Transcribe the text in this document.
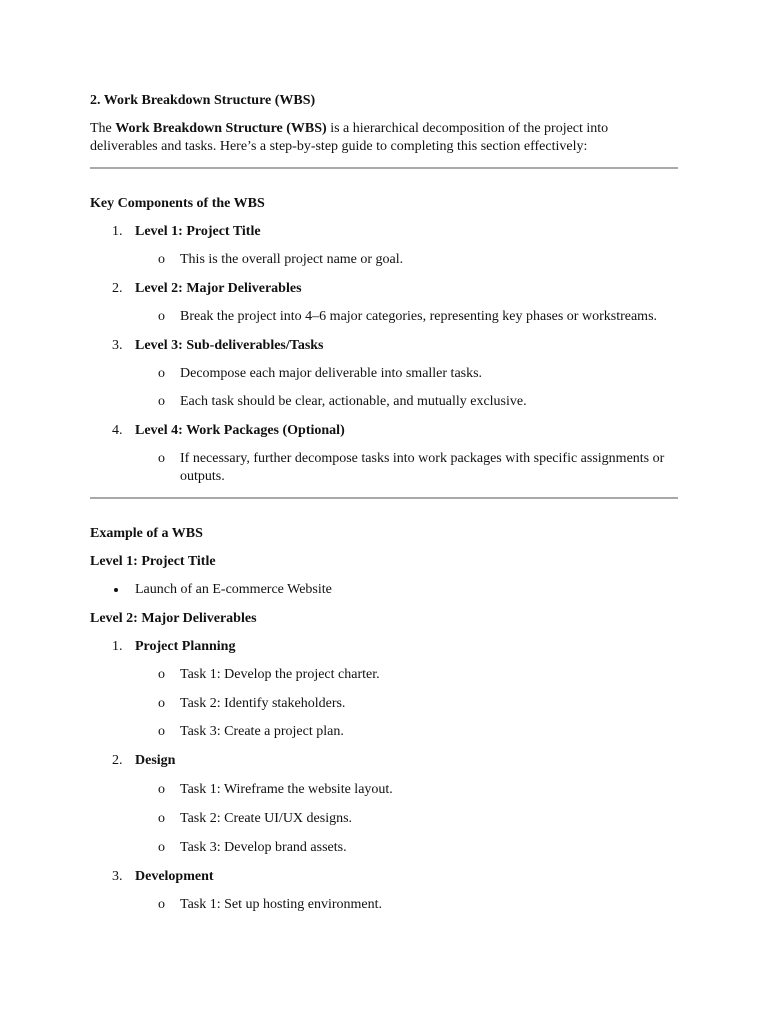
2. Work Breakdown Structure (WBS)

The Work Breakdown Structure (WBS) is a hierarchical decomposition of the project into deliverables and tasks. Here’s a step-by-step guide to completing this section effectively:

Key Components of the WBS

1. Level 1: Project Title
o This is the overall project name or goal.
2. Level 2: Major Deliverables
o Break the project into 4–6 major categories, representing key phases or workstreams.
3. Level 3: Sub-deliverables/Tasks
o Decompose each major deliverable into smaller tasks.
o Each task should be clear, actionable, and mutually exclusive.
4. Level 4: Work Packages (Optional)
o If necessary, further decompose tasks into work packages with specific assignments or outputs.

Example of a WBS

Level 1: Project Title

Launch of an E-commerce Website

Level 2: Major Deliverables

1. Project Planning
o Task 1: Develop the project charter.
o Task 2: Identify stakeholders.
o Task 3: Create a project plan.
2. Design
o Task 1: Wireframe the website layout.
o Task 2: Create UI/UX designs.
o Task 3: Develop brand assets.
3. Development
o Task 1: Set up hosting environment.
